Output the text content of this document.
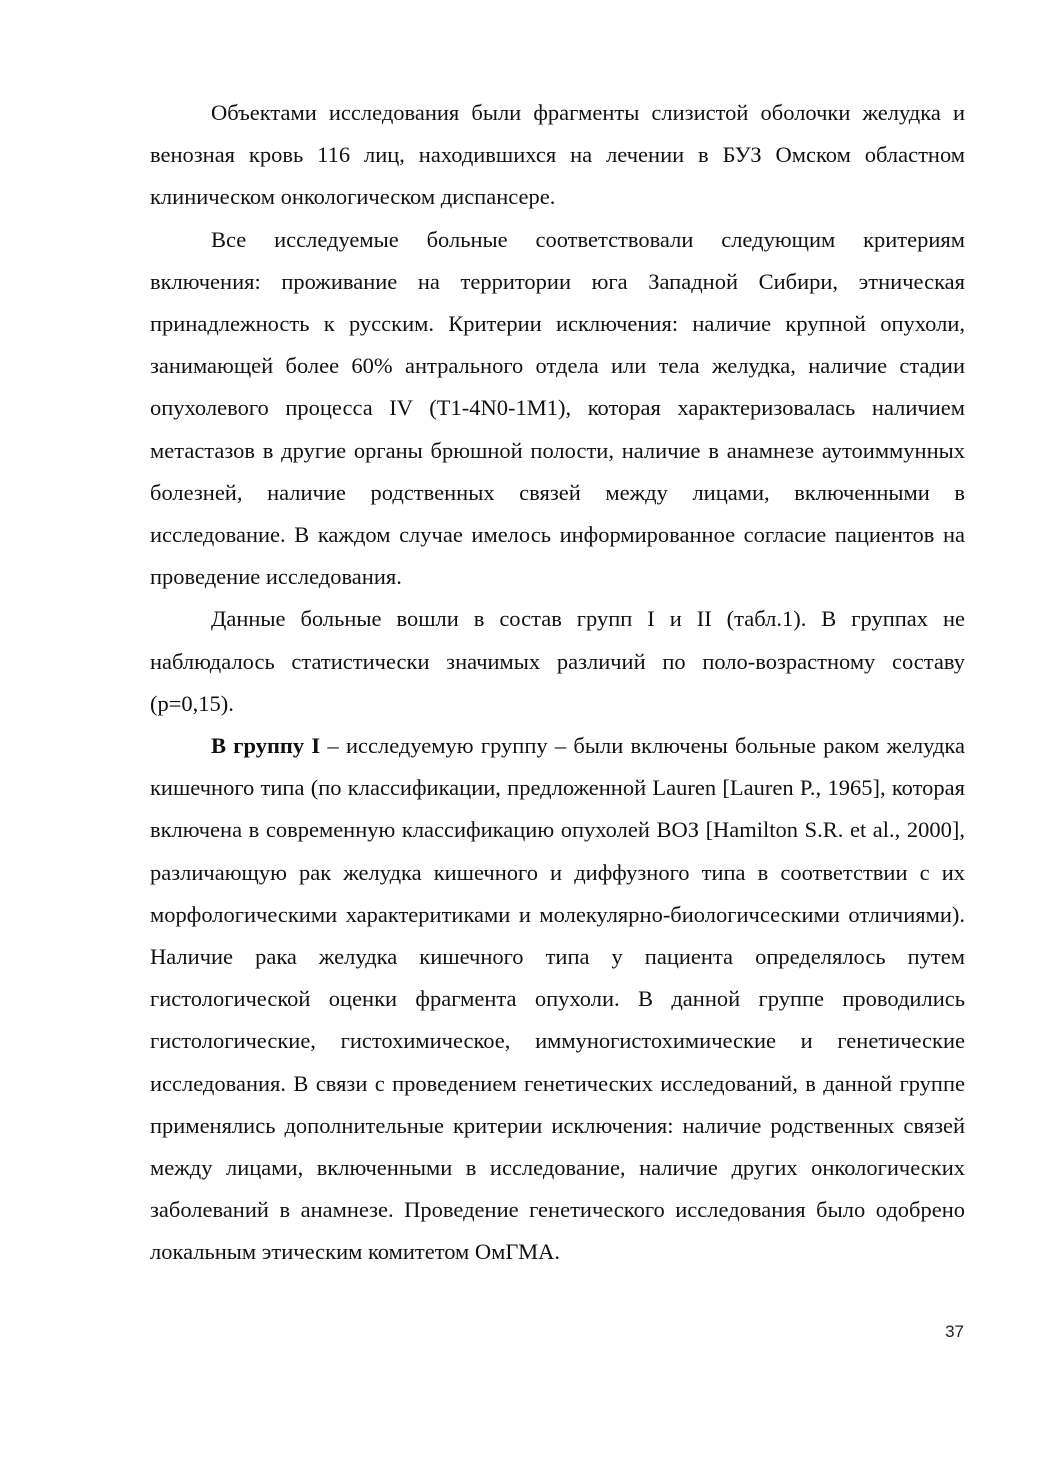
Объектами исследования были фрагменты слизистой оболочки желудка и венозная кровь 116 лиц, находившихся на лечении в БУЗ Омском областном клиническом онкологическом диспансере.

Все исследуемые больные соответствовали следующим критериям включения: проживание на территории юга Западной Сибири, этническая принадлежность к русским. Критерии исключения: наличие крупной опухоли, занимающей более 60% антрального отдела или тела желудка, наличие стадии опухолевого процесса IV (T1-4N0-1M1), которая характеризовалась наличием метастазов в другие органы брюшной полости, наличие в анамнезе аутоиммунных болезней, наличие родственных связей между лицами, включенными в исследование. В каждом случае имелось информированное согласие пациентов на проведение исследования.

Данные больные вошли в состав групп I и II (табл.1). В группах не наблюдалось статистически значимых различий по поло-возрастному составу (р=0,15).

В группу I – исследуемую группу – были включены больные раком желудка кишечного типа (по классификации, предложенной Lauren [Lauren P., 1965], которая включена в современную классификацию опухолей ВОЗ [Hamilton S.R. et al., 2000], различающую рак желудка кишечного и диффузного типа в соответствии с их морфологическими характеритиками и молекулярно-биологичсескими отличиями). Наличие рака желудка кишечного типа у пациента определялось путем гистологической оценки фрагмента опухоли. В данной группе проводились гистологические, гистохимическое, иммуногистохимические и генетические исследования. В связи с проведением генетических исследований, в данной группе применялись дополнительные критерии исключения: наличие родственных связей между лицами, включенными в исследование, наличие других онкологических заболеваний в анамнезе. Проведение генетического исследования было одобрено локальным этическим комитетом ОмГМА.

37
